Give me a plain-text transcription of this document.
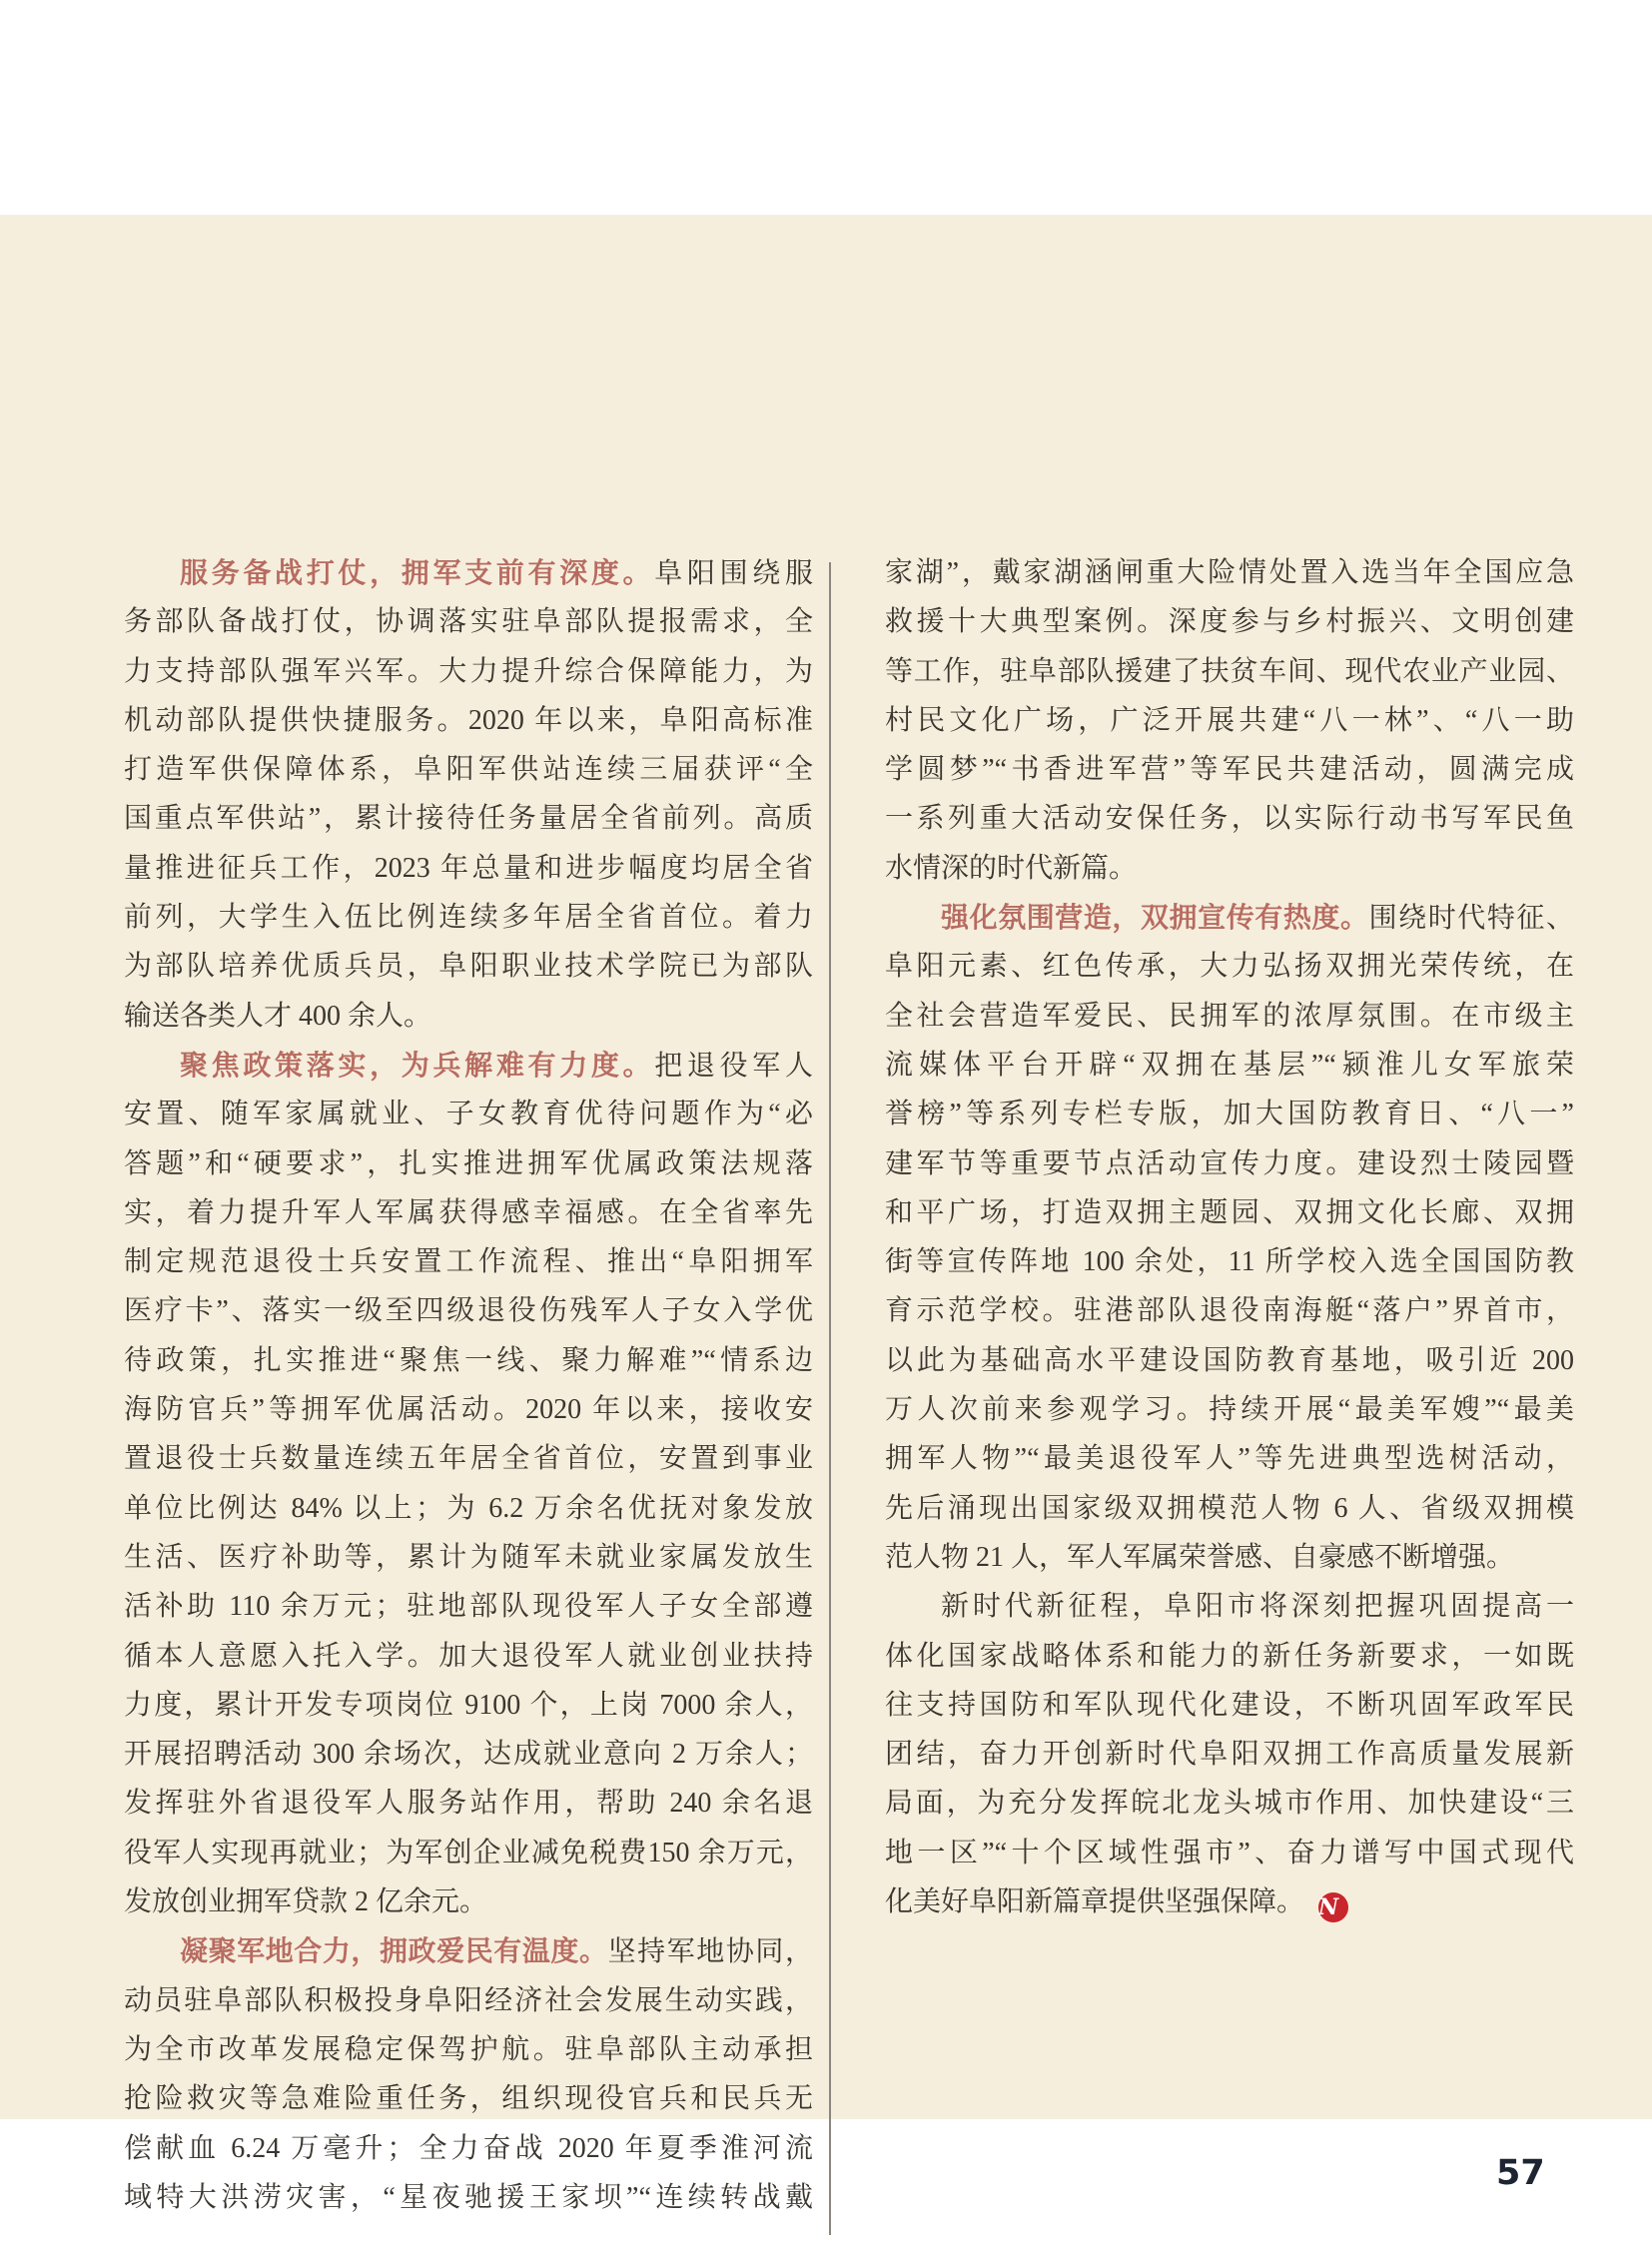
服务备战打仗，拥军支前有深度。阜阳围绕服
务部队备战打仗，协调落实驻阜部队提报需求，全
力支持部队强军兴军。大力提升综合保障能力，为
机动部队提供快捷服务。2020 年以来，阜阳高标准
打造军供保障体系，阜阳军供站连续三届获评“全
国重点军供站”，累计接待任务量居全省前列。高质
量推进征兵工作，2023 年总量和进步幅度均居全省
前列，大学生入伍比例连续多年居全省首位。着力
为部队培养优质兵员，阜阳职业技术学院已为部队
输送各类人才 400 余人。
聚焦政策落实，为兵解难有力度。把退役军人
安置、随军家属就业、子女教育优待问题作为“必
答题”和“硬要求”，扎实推进拥军优属政策法规落
实，着力提升军人军属获得感幸福感。在全省率先
制定规范退役士兵安置工作流程、推出“阜阳拥军
医疗卡”、落实一级至四级退役伤残军人子女入学优
待政策，扎实推进“聚焦一线、聚力解难”“情系边
海防官兵”等拥军优属活动。2020 年以来，接收安
置退役士兵数量连续五年居全省首位，安置到事业
单位比例达 84% 以上；为 6.2 万余名优抚对象发放
生活、医疗补助等，累计为随军未就业家属发放生
活补助 110 余万元；驻地部队现役军人子女全部遵
循本人意愿入托入学。加大退役军人就业创业扶持
力度，累计开发专项岗位 9100 个，上岗 7000 余人，
开展招聘活动 300 余场次，达成就业意向 2 万余人；
发挥驻外省退役军人服务站作用，帮助 240 余名退
役军人实现再就业；为军创企业减免税费150 余万元，
发放创业拥军贷款 2 亿余元。
凝聚军地合力，拥政爱民有温度。坚持军地协同，
动员驻阜部队积极投身阜阳经济社会发展生动实践，
为全市改革发展稳定保驾护航。驻阜部队主动承担
抢险救灾等急难险重任务，组织现役官兵和民兵无
偿献血 6.24 万毫升；全力奋战 2020 年夏季淮河流
域特大洪涝灾害，“星夜驰援王家坝”“连续转战戴
家湖”，戴家湖涵闸重大险情处置入选当年全国应急
救援十大典型案例。深度参与乡村振兴、文明创建
等工作，驻阜部队援建了扶贫车间、现代农业产业园、
村民文化广场，广泛开展共建“八一林”、“八一助
学圆梦”“书香进军营”等军民共建活动，圆满完成
一系列重大活动安保任务，以实际行动书写军民鱼
水情深的时代新篇。
强化氛围营造，双拥宣传有热度。围绕时代特征、
阜阳元素、红色传承，大力弘扬双拥光荣传统，在
全社会营造军爱民、民拥军的浓厚氛围。在市级主
流媒体平台开辟“双拥在基层”“颍淮儿女军旅荣
誉榜”等系列专栏专版，加大国防教育日、“八一”
建军节等重要节点活动宣传力度。建设烈士陵园暨
和平广场，打造双拥主题园、双拥文化长廊、双拥
街等宣传阵地 100 余处，11 所学校入选全国国防教
育示范学校。驻港部队退役南海艇“落户”界首市，
以此为基础高水平建设国防教育基地，吸引近 200
万人次前来参观学习。持续开展“最美军嫂”“最美
拥军人物”“最美退役军人”等先进典型选树活动，
先后涌现出国家级双拥模范人物 6 人、省级双拥模
范人物 21 人，军人军属荣誉感、自豪感不断增强。
新时代新征程，阜阳市将深刻把握巩固提高一
体化国家战略体系和能力的新任务新要求，一如既
往支持国防和军队现代化建设，不断巩固军政军民
团结，奋力开创新时代阜阳双拥工作高质量发展新
局面，为充分发挥皖北龙头城市作用、加快建设“三
地一区”“十个区域性强市”、奋力谱写中国式现代
化美好阜阳新篇章提供坚强保障。 N
57
